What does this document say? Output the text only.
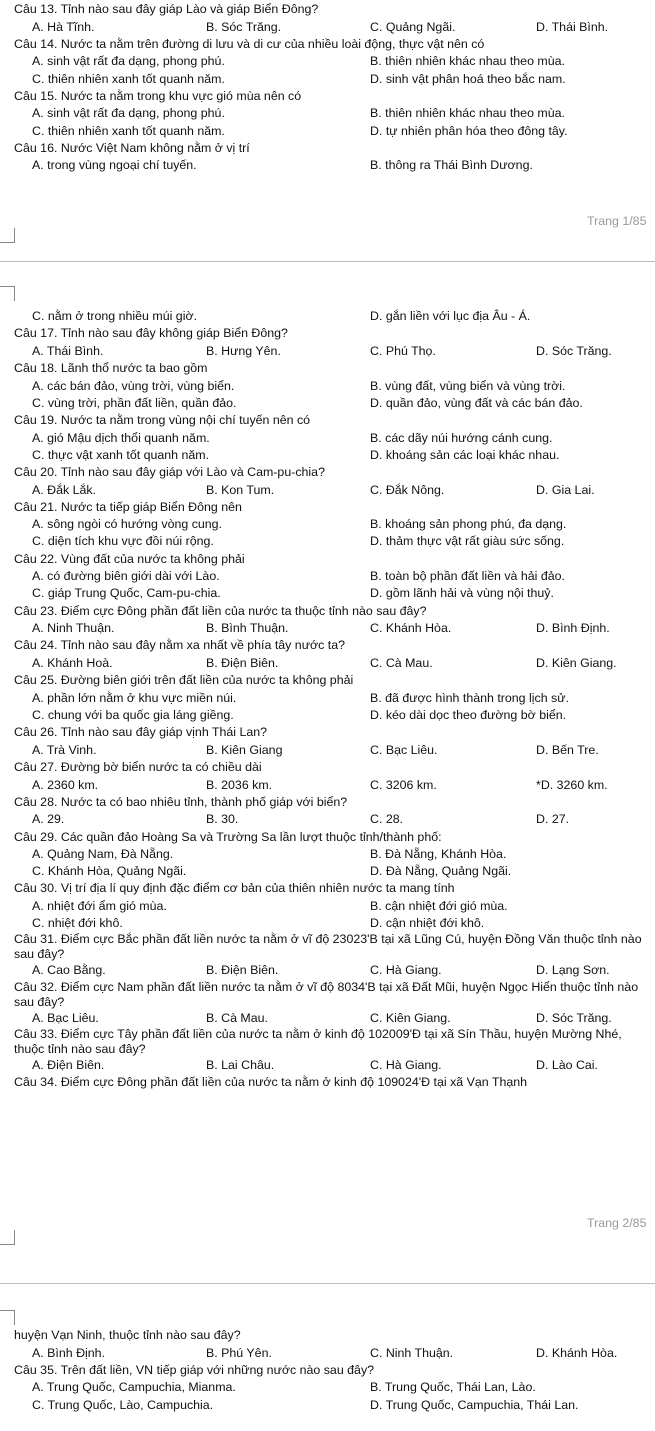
Câu 13. Tỉnh nào sau đây giáp Lào và giáp Biển Đông?

A. Hà Tĩnh.	B. Sóc Trăng.	C. Quảng Ngãi.	D. Thái Bình.

Câu 14. Nước ta nằm trên đường di lưu và di cư của nhiều loài động, thực vật nên có

A. sinh vật rất đa dạng, phong phú.	B. thiên nhiên khác nhau theo mùa.
C. thiên nhiên xanh tốt quanh năm.	D. sinh vật phân hoá theo bắc nam.

Câu 15. Nước ta nằm trong khu vực gió mùa nên có

A. sinh vật rất đa dạng, phong phú.	B. thiên nhiên khác nhau theo mùa.
C. thiên nhiên xanh tốt quanh năm.	D. tự nhiên phân hóa theo đông tây.

Câu 16. Nước Việt Nam không nằm ở vị trí

A. trong vùng ngoại chí tuyến.	B. thông ra Thái Bình Dương.
Trang 1/85
C. nằm ở trong nhiều múi giờ.	D. gắn liền với lục địa Âu - Á.

Câu 17. Tỉnh nào sau đây không giáp Biển Đông?

A. Thái Bình.	B. Hưng Yên.	C. Phú Thọ.	D. Sóc Trăng.

Câu 18. Lãnh thổ nước ta bao gồm

A. các bán đảo, vùng trời, vùng biển.	B. vùng đất, vùng biển và vùng trời.
C. vùng trời, phần đất liền, quần đảo.	D. quần đảo, vùng đất và các bán đảo.

Câu 19. Nước ta nằm trong vùng nội chí tuyến nên có

A. gió Mậu dịch thổi quanh năm.	B. các dãy núi hướng cánh cung.
C. thực vật xanh tốt quanh năm.	D. khoáng sản các loại khác nhau.

Câu 20. Tỉnh nào sau đây giáp với Lào và Cam-pu-chia?

A. Đắk Lắk.	B. Kon Tum.	C. Đắk Nông.	D. Gia Lai.

Câu 21. Nước ta tiếp giáp Biển Đông nên

A. sông ngòi có hướng vòng cung.	B. khoáng sản phong phú, đa dạng.
C. diện tích khu vực đồi núi rộng.	D. thảm thực vật rất giàu sức sống.

Câu 22. Vùng đất của nước ta không phải

A. có đường biên giới dài với Lào.	B. toàn bộ phần đất liền và hải đảo.
C. giáp Trung Quốc, Cam-pu-chia.	D. gồm lãnh hải và vùng nội thuỷ.

Câu 23. Điểm cực Đông phần đất liền của nước ta thuộc tỉnh nào sau đây?

A. Ninh Thuận.	B. Bình Thuận.	C. Khánh Hòa.	D. Bình Định.

Câu 24. Tỉnh nào sau đây nằm xa nhất về phía tây nước ta?

A. Khánh Hoà.	B. Điện Biên.	C. Cà Mau.	D. Kiên Giang.

Câu 25. Đường biên giới trên đất liền của nước ta không phải

A. phần lớn nằm ở khu vực miền núi.	B. đã được hình thành trong lịch sử.
C. chung với ba quốc gia láng giềng.	D. kéo dài dọc theo đường bờ biển.

Câu 26. Tỉnh nào sau đây giáp vịnh Thái Lan?

A. Trà Vinh.	B. Kiên Giang	C. Bạc Liêu.	D. Bến Tre.

Câu 27. Đường bờ biển nước ta có chiều dài

A. 2360 km.	B. 2036 km.	C. 3206 km.	*D. 3260 km.

Câu 28. Nước ta có bao nhiêu tỉnh, thành phố giáp với biển?

A. 29.	B. 30.	C. 28.	D. 27.

Câu 29. Các quần đảo Hoàng Sa và Trường Sa lần lượt thuộc tỉnh/thành phố:

A. Quảng Nam, Đà Nẵng.	B. Đà Nẵng, Khánh Hòa.
C. Khánh Hòa, Quảng Ngãi.	D. Đà Nẵng, Quảng Ngãi.

Câu 30. Vị trí địa lí quy định đặc điểm cơ bản của thiên nhiên nước ta mang tính

A. nhiệt đới ẩm gió mùa.	B. cận nhiệt đới gió mùa.
C. nhiệt đới khô.	D. cận nhiệt đới khô.

Câu 31. Điểm cực Bắc phần đất liền nước ta nằm ở vĩ độ 23023'B tại xã Lũng Cú, huyện Đồng Văn thuộc tỉnh nào sau đây?

A. Cao Bằng.	B. Điện Biên.	C. Hà Giang.	D. Lạng Sơn.

Câu 32. Điểm cực Nam phần đất liền nước ta nằm ở vĩ độ 8034'B tại xã Đất Mũi, huyện Ngọc Hiển thuộc tỉnh nào sau đây?

A. Bạc Liêu.	B. Cà Mau.	C. Kiên Giang.	D. Sóc Trăng.

Câu 33. Điểm cực Tây phần đất liền của nước ta nằm ở kinh độ 102009'Đ tại xã Sín Thầu, huyện Mường Nhé, thuộc tỉnh nào sau đây?

A. Điện Biên.	B. Lai Châu.	C. Hà Giang.	D. Lào Cai.

Câu 34. Điểm cực Đông phần đất liền của nước ta nằm ở kinh độ 109024'Đ tại xã Vạn Thạnh

Trang 2/85

huyện Vạn Ninh, thuộc tỉnh nào sau đây?

A. Bình Định.	B. Phú Yên.	C. Ninh Thuận.	D. Khánh Hòa.

Câu 35. Trên đất liền, VN tiếp giáp với những nước nào sau đây?

A. Trung Quốc, Campuchia, Mianma.	B. Trung Quốc, Thái Lan, Lào.
C. Trung Quốc, Lào, Campuchia.	D. Trung Quốc, Campuchia, Thái Lan.
